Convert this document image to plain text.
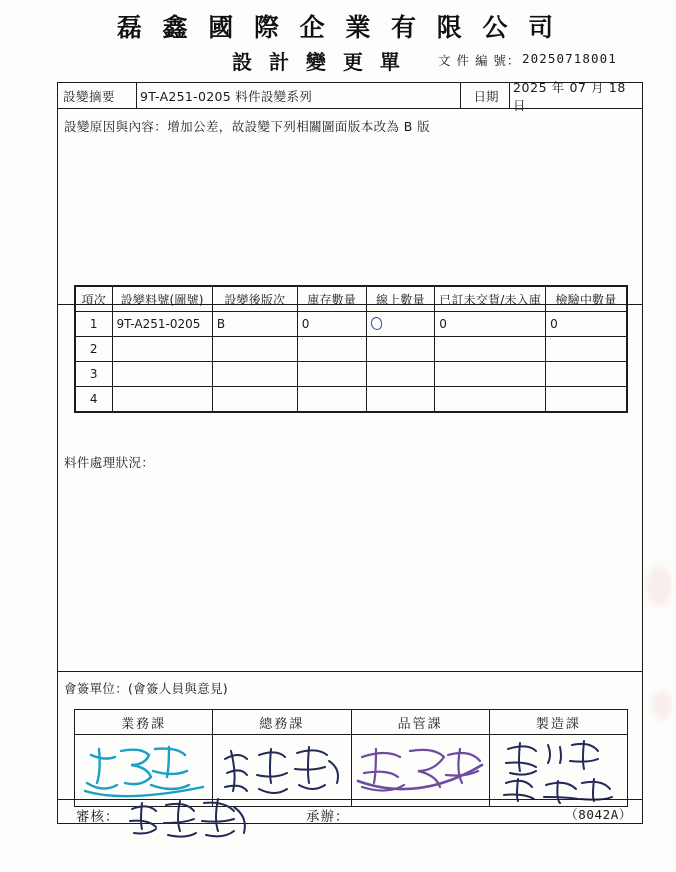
磊 鑫 國 際 企 業 有 限 公 司
設 計 變 更 單	文 件 編 號： 20250718001
設變摘要	9T-A251-0205 料件設變系列	日期
2025 年 07 月 18 日
設變原因與內容：增加公差，故設變下列相關圖面版本改為 B 版
項次	設變料號(圖號)	設變後版次	庫存數量	線上數量	已訂未交貨/未入庫	檢驗中數量
1	9T-A251-0205	B	0		0	0
2						
3						
4						
料件處理狀況：
會簽單位：(會簽人員與意見)
業務課	總務課	品管課	製造課

審核：	承辦：	（8042A）
